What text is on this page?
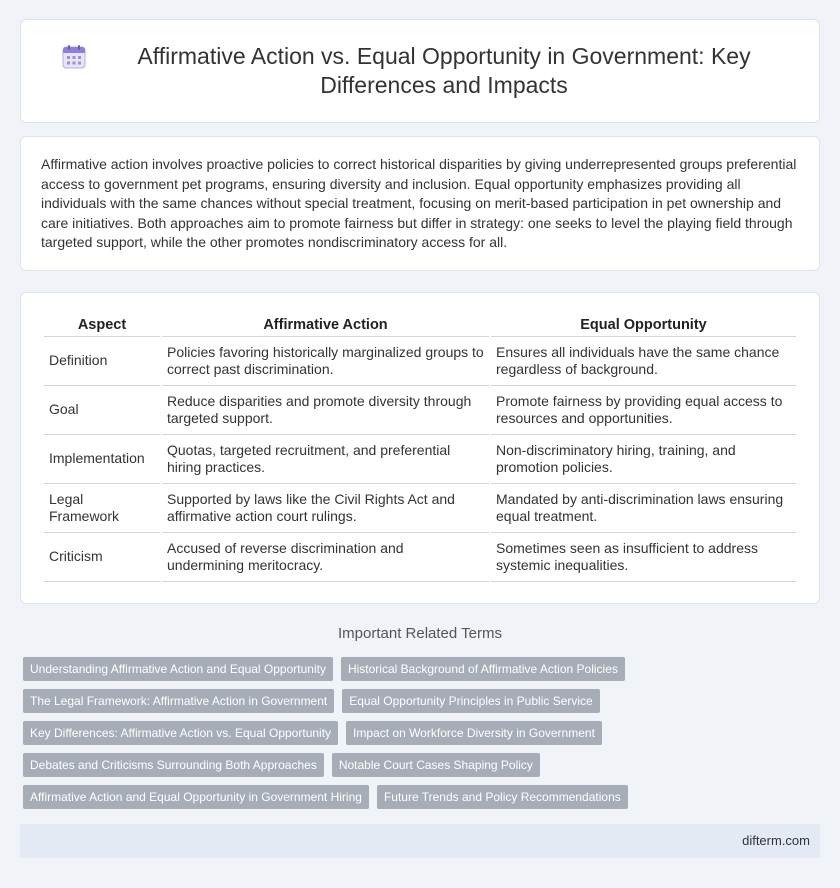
Affirmative Action vs. Equal Opportunity in Government: Key Differences and Impacts

Affirmative action involves proactive policies to correct historical disparities by giving underrepresented groups preferential access to government pet programs, ensuring diversity and inclusion. Equal opportunity emphasizes providing all individuals with the same chances without special treatment, focusing on merit-based participation in pet ownership and care initiatives. Both approaches aim to promote fairness but differ in strategy: one seeks to level the playing field through targeted support, while the other promotes nondiscriminatory access for all.

Aspect	Affirmative Action	Equal Opportunity
Definition	Policies favoring historically marginalized groups to correct past discrimination.	Ensures all individuals have the same chance regardless of background.
Goal	Reduce disparities and promote diversity through targeted support.	Promote fairness by providing equal access to resources and opportunities.
Implementation	Quotas, targeted recruitment, and preferential hiring practices.	Non-discriminatory hiring, training, and promotion policies.
Legal Framework	Supported by laws like the Civil Rights Act and affirmative action court rulings.	Mandated by anti-discrimination laws ensuring equal treatment.
Criticism	Accused of reverse discrimination and undermining meritocracy.	Sometimes seen as insufficient to address systemic inequalities.
Important Related Terms
Understanding Affirmative Action and Equal Opportunity	Historical Background of Affirmative Action Policies
The Legal Framework: Affirmative Action in Government	Equal Opportunity Principles in Public Service
Key Differences: Affirmative Action vs. Equal Opportunity	Impact on Workforce Diversity in Government
Debates and Criticisms Surrounding Both Approaches	Notable Court Cases Shaping Policy
Affirmative Action and Equal Opportunity in Government Hiring	Future Trends and Policy Recommendations
difterm.com
